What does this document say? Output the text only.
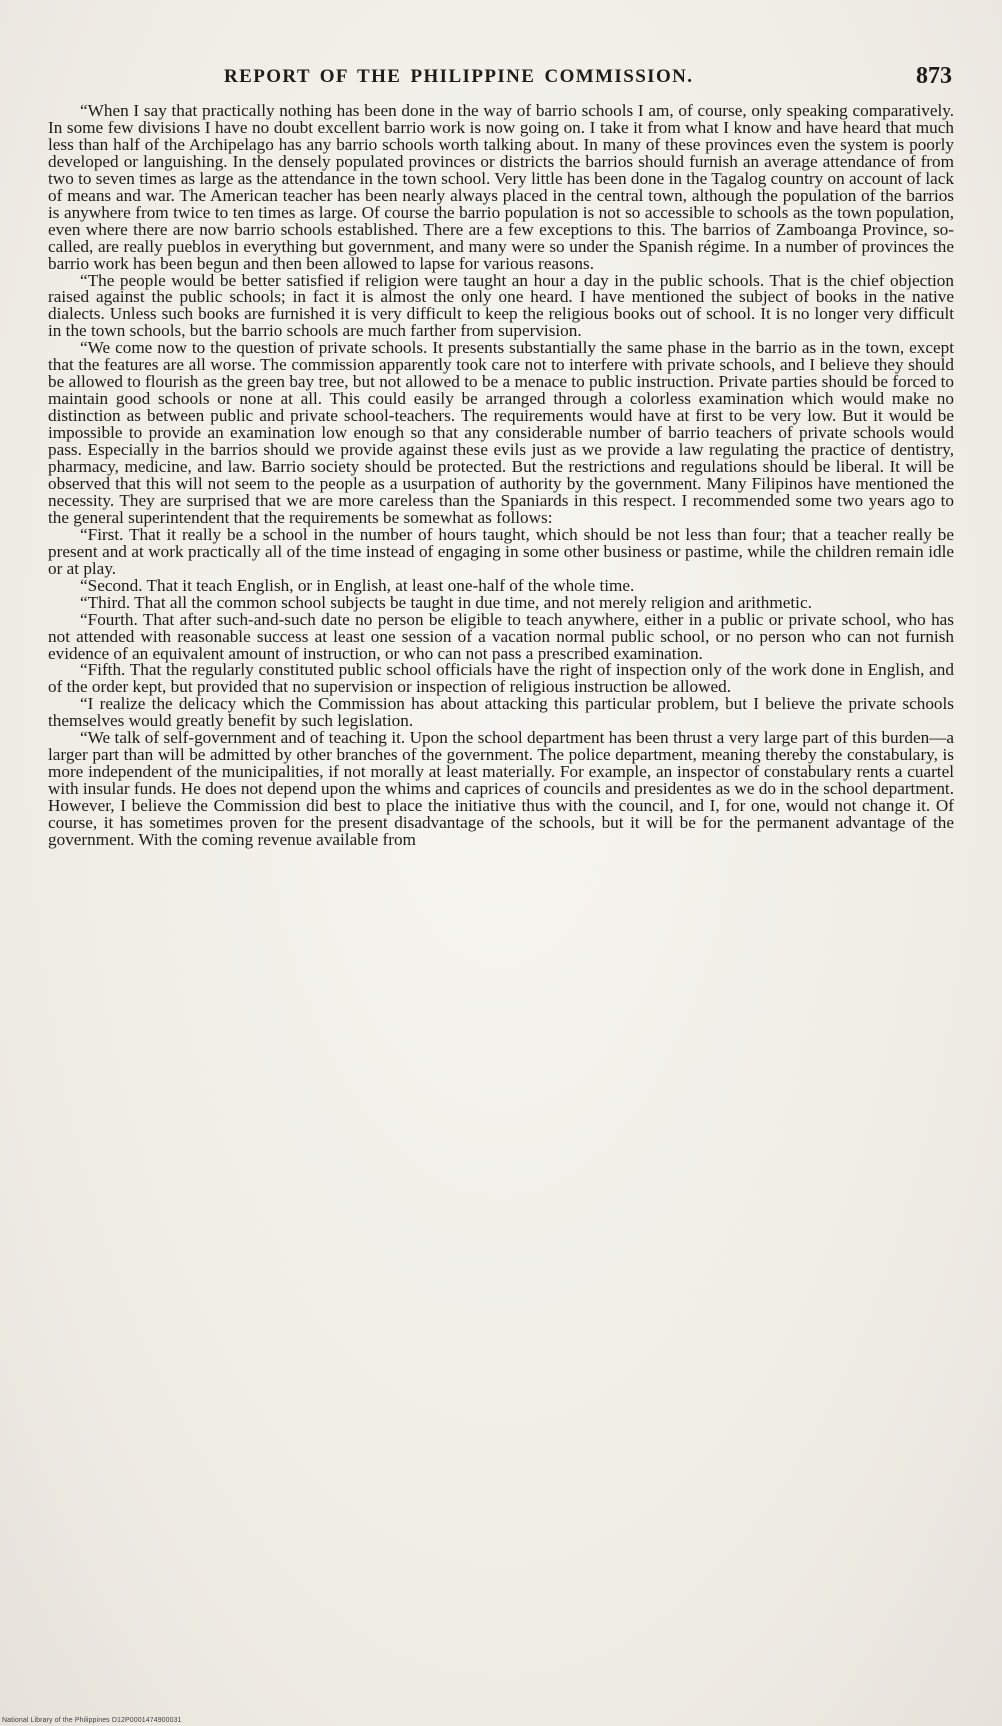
REPORT OF THE PHILIPPINE COMMISSION.	873

“When I say that practically nothing has been done in the way of barrio schools I am, of course, only speaking comparatively. In some few divisions I have no doubt excellent barrio work is now going on. I take it from what I know and have heard that much less than half of the Archipelago has any barrio schools worth talking about. In many of these provinces even the system is poorly developed or languishing. In the densely populated provinces or districts the barrios should furnish an average attendance of from two to seven times as large as the attendance in the town school. Very little has been done in the Tagalog country on account of lack of means and war. The American teacher has been nearly always placed in the central town, although the population of the barrios is anywhere from twice to ten times as large. Of course the barrio population is not so accessible to schools as the town population, even where there are now barrio schools established. There are a few exceptions to this. The barrios of Zamboanga Province, so-called, are really pueblos in everything but government, and many were so under the Spanish régime. In a number of provinces the barrio work has been begun and then been allowed to lapse for various reasons.

“The people would be better satisfied if religion were taught an hour a day in the public schools. That is the chief objection raised against the public schools; in fact it is almost the only one heard. I have mentioned the subject of books in the native dialects. Unless such books are furnished it is very difficult to keep the religious books out of school. It is no longer very difficult in the town schools, but the barrio schools are much farther from supervision.

“We come now to the question of private schools. It presents substantially the same phase in the barrio as in the town, except that the features are all worse. The commission apparently took care not to interfere with private schools, and I believe they should be allowed to flourish as the green bay tree, but not allowed to be a menace to public instruction. Private parties should be forced to maintain good schools or none at all. This could easily be arranged through a colorless examination which would make no distinction as between public and private school-teachers. The requirements would have at first to be very low. But it would be impossible to provide an examination low enough so that any considerable number of barrio teachers of private schools would pass. Especially in the barrios should we provide against these evils just as we provide a law regulating the practice of dentistry, pharmacy, medicine, and law. Barrio society should be protected. But the restrictions and regulations should be liberal. It will be observed that this will not seem to the people as a usurpation of authority by the government. Many Filipinos have mentioned the necessity. They are surprised that we are more careless than the Spaniards in this respect. I recommended some two years ago to the general superintendent that the requirements be somewhat as follows:

“First. That it really be a school in the number of hours taught, which should be not less than four; that a teacher really be present and at work practically all of the time instead of engaging in some other business or pastime, while the children remain idle or at play.

“Second. That it teach English, or in English, at least one-half of the whole time.

“Third. That all the common school subjects be taught in due time, and not merely religion and arithmetic.

“Fourth. That after such-and-such date no person be eligible to teach anywhere, either in a public or private school, who has not attended with reasonable success at least one session of a vacation normal public school, or no person who can not furnish evidence of an equivalent amount of instruction, or who can not pass a prescribed examination.

“Fifth. That the regularly constituted public school officials have the right of inspection only of the work done in English, and of the order kept, but provided that no supervision or inspection of religious instruction be allowed.

“I realize the delicacy which the Commission has about attacking this particular problem, but I believe the private schools themselves would greatly benefit by such legislation.

“We talk of self-government and of teaching it. Upon the school department has been thrust a very large part of this burden—a larger part than will be admitted by other branches of the government. The police department, meaning thereby the constabulary, is more independent of the municipalities, if not morally at least materially. For example, an inspector of constabulary rents a cuartel with insular funds. He does not depend upon the whims and caprices of councils and presidentes as we do in the school department. However, I believe the Commission did best to place the initiative thus with the council, and I, for one, would not change it. Of course, it has sometimes proven for the present disadvantage of the schools, but it will be for the permanent advantage of the government. With the coming revenue available from

National Library of the Philippines D12P0001474900031
